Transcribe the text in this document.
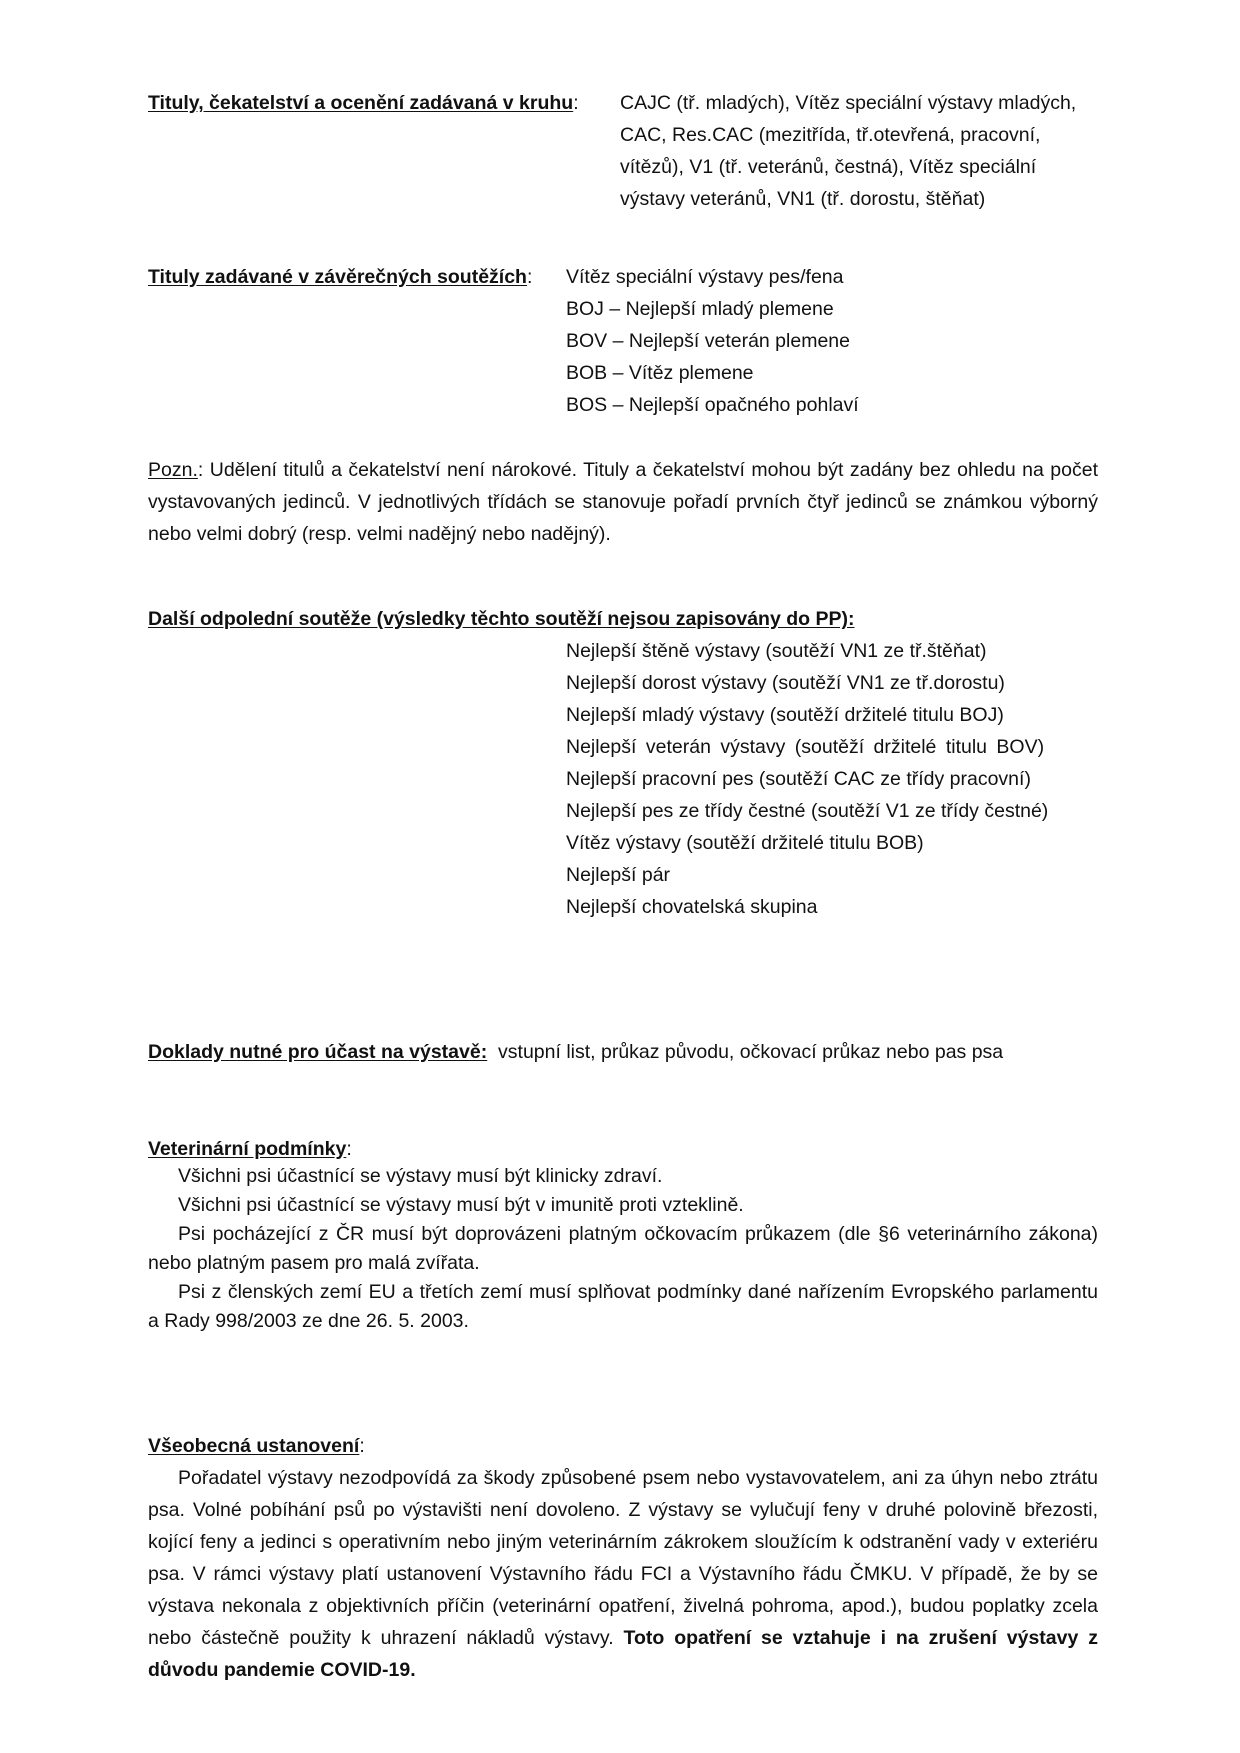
Tituly, čekatelství a ocenění zadávaná v kruhu: CAJC (tř. mladých), Vítěz speciální výstavy mladých,
CAC, Res.CAC (mezitřída, tř.otevřená, pracovní,
vítězů), V1 (tř. veteránů, čestná), Vítěz speciální
výstavy veteránů, VN1 (tř. dorostu, štěňat)
Tituly zadávané v závěrečných soutěžích: Vítěz speciální výstavy pes/fena
BOJ – Nejlepší mladý plemene
BOV – Nejlepší veterán plemene
BOB – Vítěz plemene
BOS – Nejlepší opačného pohlaví
Pozn.: Udělení titulů a čekatelství není nárokové. Tituly a čekatelství mohou být zadány bez ohledu na počet vystavovaných jedinců. V jednotlivých třídách se stanovuje pořadí prvních čtyř jedinců se známkou výborný nebo velmi dobrý (resp. velmi nadějný nebo nadějný).
Další odpolední soutěže (výsledky těchto soutěží nejsou zapisovány do PP):
Nejlepší štěně výstavy (soutěží VN1 ze tř.štěňat)
Nejlepší dorost výstavy (soutěží VN1 ze tř.dorostu)
Nejlepší mladý výstavy (soutěží držitelé titulu BOJ)
Nejlepší veterán výstavy (soutěží držitelé titulu BOV)
Nejlepší pracovní pes (soutěží CAC ze třídy pracovní)
Nejlepší pes ze třídy čestné (soutěží V1 ze třídy čestné)
Vítěz výstavy (soutěží držitelé titulu BOB)
Nejlepší pár
Nejlepší chovatelská skupina
Doklady nutné pro účast na výstavě: vstupní list, průkaz původu, očkovací průkaz nebo pas psa
Veterinární podmínky:
Všichni psi účastnící se výstavy musí být klinicky zdraví.
Všichni psi účastnící se výstavy musí být v imunitě proti vzteklině.
Psi pocházející z ČR musí být doprovázeni platným očkovacím průkazem (dle §6 veterinárního zákona) nebo platným pasem pro malá zvířata.
Psi z členských zemí EU a třetích zemí musí splňovat podmínky dané nařízením Evropského parlamentu a Rady 998/2003 ze dne 26. 5. 2003.
Všeobecná ustanovení:
Pořadatel výstavy nezodpovídá za škody způsobené psem nebo vystavovatelem, ani za úhyn nebo ztrátu psa. Volné pobíhání psů po výstavišti není dovoleno. Z výstavy se vylučují feny v druhé polovině březosti, kojící feny a jedinci s operativním nebo jiným veterinárním zákrokem sloužícím k odstranění vady v exteriéru psa. V rámci výstavy platí ustanovení Výstavního řádu FCI a Výstavního řádu ČMKU. V případě, že by se výstava nekonala z objektivních příčin (veterinární opatření, živelná pohroma, apod.), budou poplatky zcela nebo částečně použity k uhrazení nákladů výstavy. Toto opatření se vztahuje i na zrušení výstavy z důvodu pandemie COVID-19.
